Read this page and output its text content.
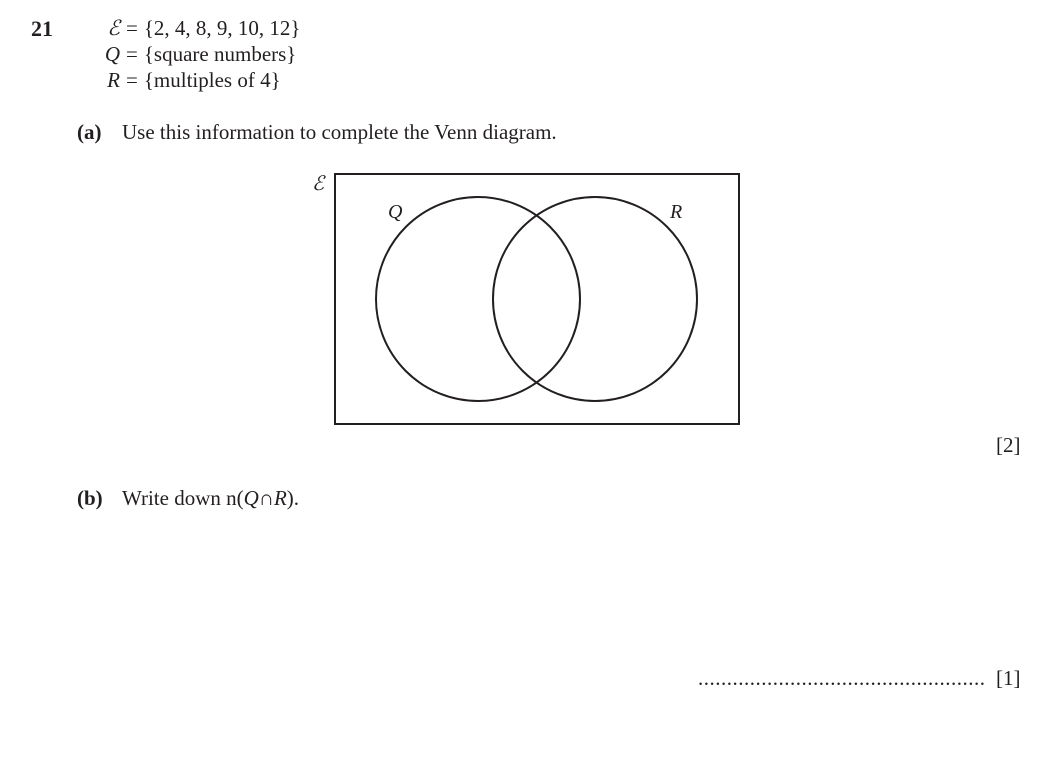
21	ℰ = {2, 4, 8, 9, 10, 12}
Q = {square numbers}
R = {multiples of 4}
(a) Use this information to complete the Venn diagram.
ℰ
Q	R
[2]
(b) Write down n(Q∩R).
.................................................. [1]
